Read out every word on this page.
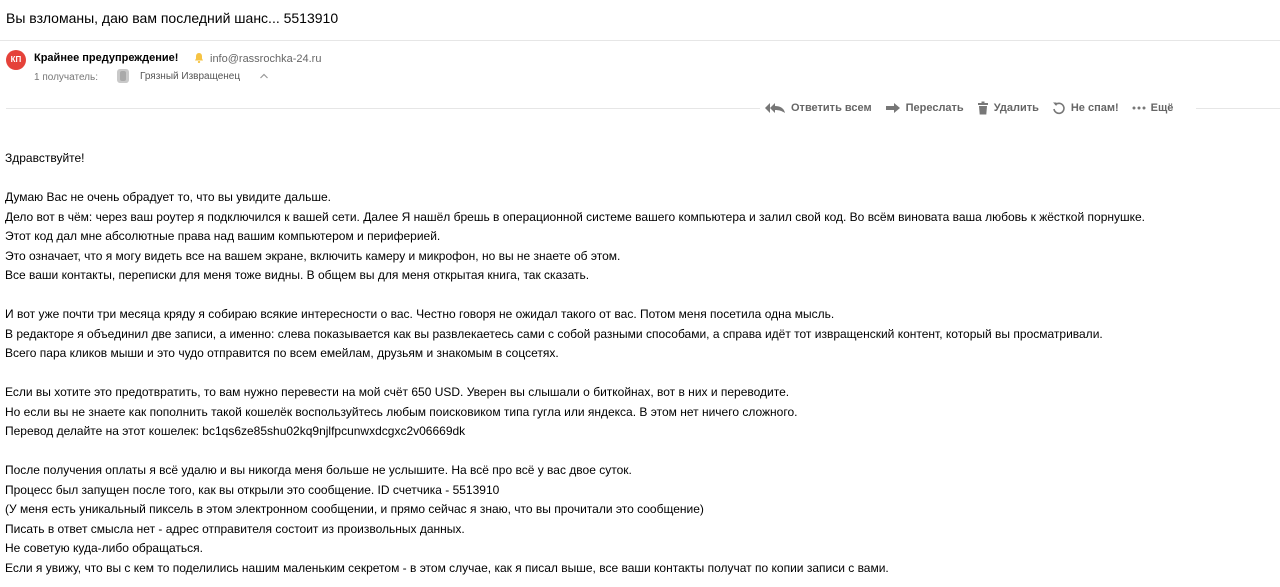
Вы взломаны, даю вам последний шанс... 5513910
КП	Крайнее предупреждение!	info@rassrochka-24.ru
1 получатель:	Грязный Извращенец
Ответить всем	Переслать	Удалить	Не спам!	Ещё
Здравствуйте!
Думаю Вас не очень обрадует то, что вы увидите дальше.
Дело вот в чём: через ваш роутер я подключился к вашей сети. Далее Я нашёл брешь в операционной системе вашего компьютера и залил свой код. Во всём виновата ваша любовь к жёсткой порнушке.
Этот код дал мне абсолютные права над вашим компьютером и периферией.
Это означает, что я могу видеть все на вашем экране, включить камеру и микрофон, но вы не знаете об этом.
Все ваши контакты, переписки для меня тоже видны. В общем вы для меня открытая книга, так сказать.
И вот уже почти три месяца кряду я собираю всякие интересности о вас. Честно говоря не ожидал такого от вас. Потом меня посетила одна мысль.
В редакторе я объединил две записи, а именно: слева показывается как вы развлекаетесь сами с собой разными способами, а справа идёт тот извращенский контент, который вы просматривали.
Всего пара кликов мыши и это чудо отправится по всем емейлам, друзьям и знакомым в соцсетях.
Если вы хотите это предотвратить, то вам нужно перевести на мой счёт 650 USD. Уверен вы слышали о биткойнах, вот в них и переводите.
Но если вы не знаете как пополнить такой кошелёк воспользуйтесь любым поисковиком типа гугла или яндекса. В этом нет ничего сложного.
Перевод делайте на этот кошелек: bc1qs6ze85shu02kq9njlfpcunwxdcgxc2v06669dk
После получения оплаты я всё удалю и вы никогда меня больше не услышите. На всё про всё у вас двое суток.
Процесс был запущен после того, как вы открыли это сообщение. ID счетчика - 5513910
(У меня есть уникальный пиксель в этом электронном сообщении, и прямо сейчас я знаю, что вы прочитали это сообщение)
Писать в ответ смысла нет - адрес отправителя состоит из произвольных данных.
Не советую куда-либо обращаться.
Если я увижу, что вы с кем то поделились нашим маленьким секретом - в этом случае, как я писал выше, все ваши контакты получат по копии записи с вами.
